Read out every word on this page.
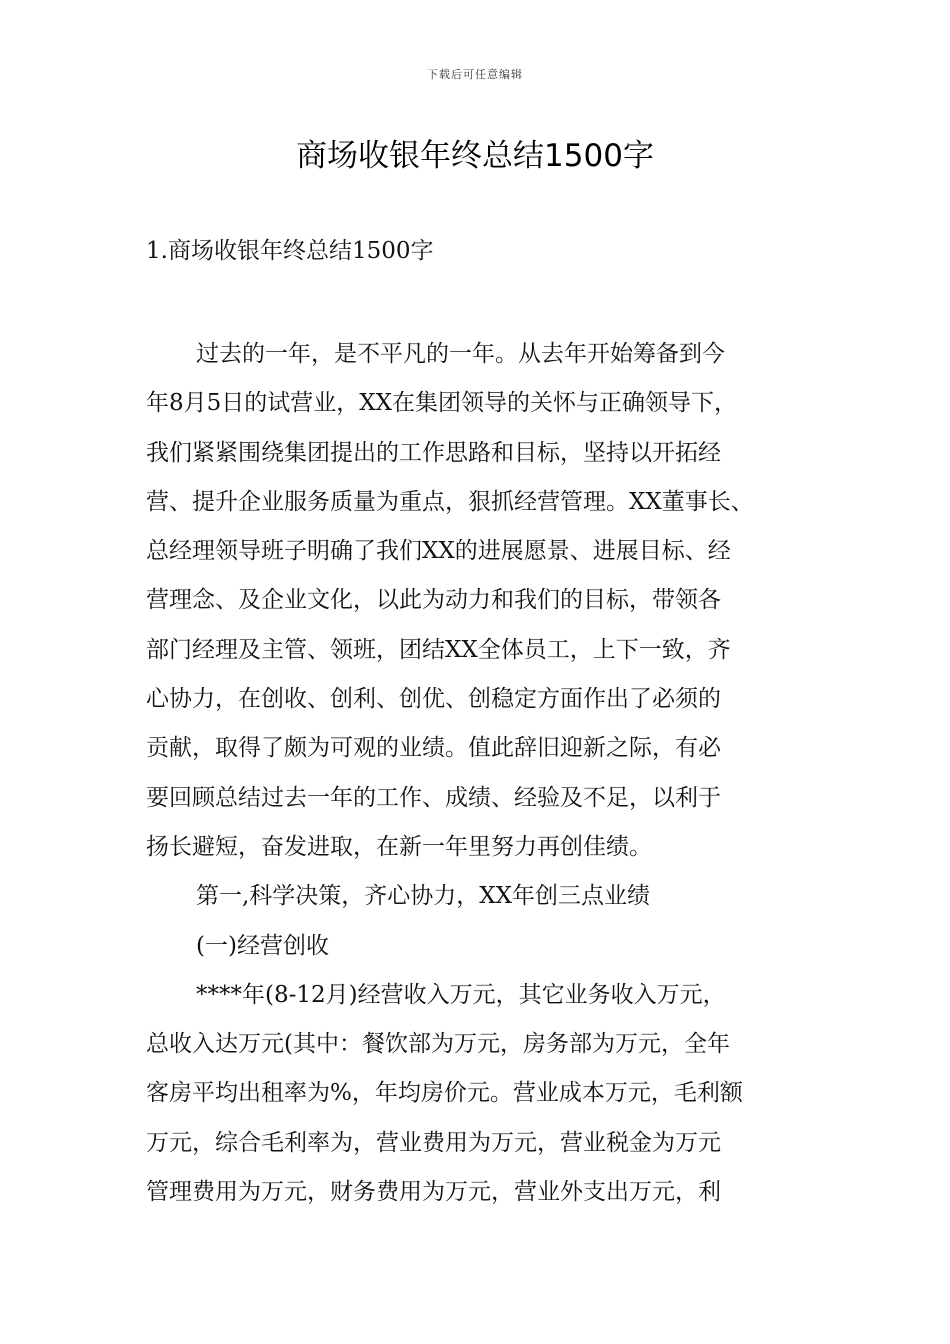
下载后可任意编辑
商场收银年终总结1500字
1.商场收银年终总结1500字
过去的一年，是不平凡的一年。从去年开始筹备到今
年8月5日的试营业，XX在集团领导的关怀与正确领导下，
我们紧紧围绕集团提出的工作思路和目标，坚持以开拓经
营、提升企业服务质量为重点，狠抓经营管理。XX董事长、
总经理领导班子明确了我们XX的进展愿景、进展目标、经
营理念、及企业文化，以此为动力和我们的目标，带领各
部门经理及主管、领班，团结XX全体员工，上下一致，齐
心协力，在创收、创利、创优、创稳定方面作出了必须的
贡献，取得了颇为可观的业绩。值此辞旧迎新之际，有必
要回顾总结过去一年的工作、成绩、经验及不足，以利于
扬长避短，奋发进取，在新一年里努力再创佳绩。
第一,科学决策，齐心协力，XX年创三点业绩
(一)经营创收
****年(8-12月)经营收入万元，其它业务收入万元，
总收入达万元(其中：餐饮部为万元，房务部为万元，全年
客房平均出租率为%，年均房价元。营业成本万元，毛利额
万元，综合毛利率为，营业费用为万元，营业税金为万元
管理费用为万元，财务费用为万元，营业外支出万元，利
